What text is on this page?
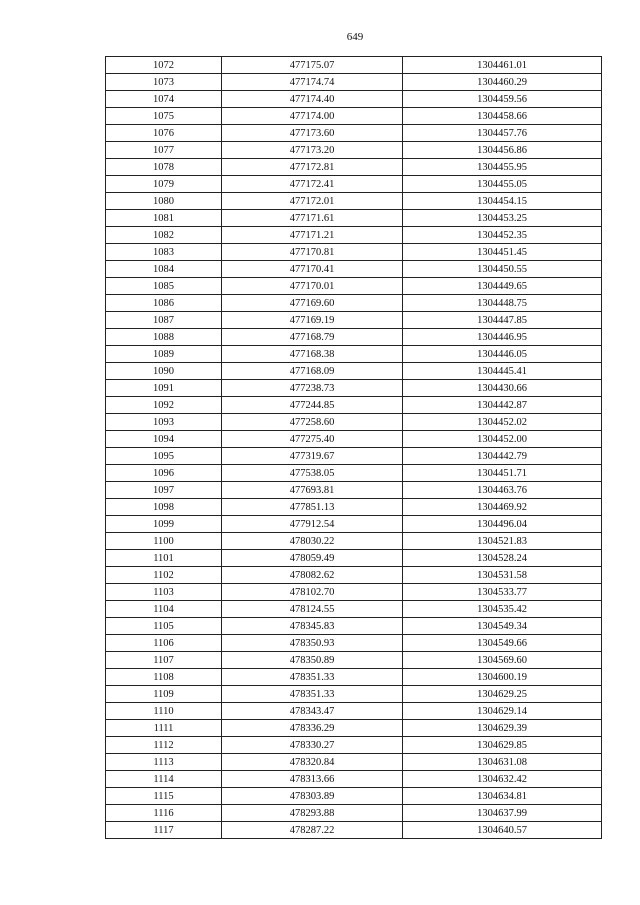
649
1072	477175.07	1304461.01
1073	477174.74	1304460.29
1074	477174.40	1304459.56
1075	477174.00	1304458.66
1076	477173.60	1304457.76
1077	477173.20	1304456.86
1078	477172.81	1304455.95
1079	477172.41	1304455.05
1080	477172.01	1304454.15
1081	477171.61	1304453.25
1082	477171.21	1304452.35
1083	477170.81	1304451.45
1084	477170.41	1304450.55
1085	477170.01	1304449.65
1086	477169.60	1304448.75
1087	477169.19	1304447.85
1088	477168.79	1304446.95
1089	477168.38	1304446.05
1090	477168.09	1304445.41
1091	477238.73	1304430.66
1092	477244.85	1304442.87
1093	477258.60	1304452.02
1094	477275.40	1304452.00
1095	477319.67	1304442.79
1096	477538.05	1304451.71
1097	477693.81	1304463.76
1098	477851.13	1304469.92
1099	477912.54	1304496.04
1100	478030.22	1304521.83
1101	478059.49	1304528.24
1102	478082.62	1304531.58
1103	478102.70	1304533.77
1104	478124.55	1304535.42
1105	478345.83	1304549.34
1106	478350.93	1304549.66
1107	478350.89	1304569.60
1108	478351.33	1304600.19
1109	478351.33	1304629.25
1110	478343.47	1304629.14
1111	478336.29	1304629.39
1112	478330.27	1304629.85
1113	478320.84	1304631.08
1114	478313.66	1304632.42
1115	478303.89	1304634.81
1116	478293.88	1304637.99
1117	478287.22	1304640.57
